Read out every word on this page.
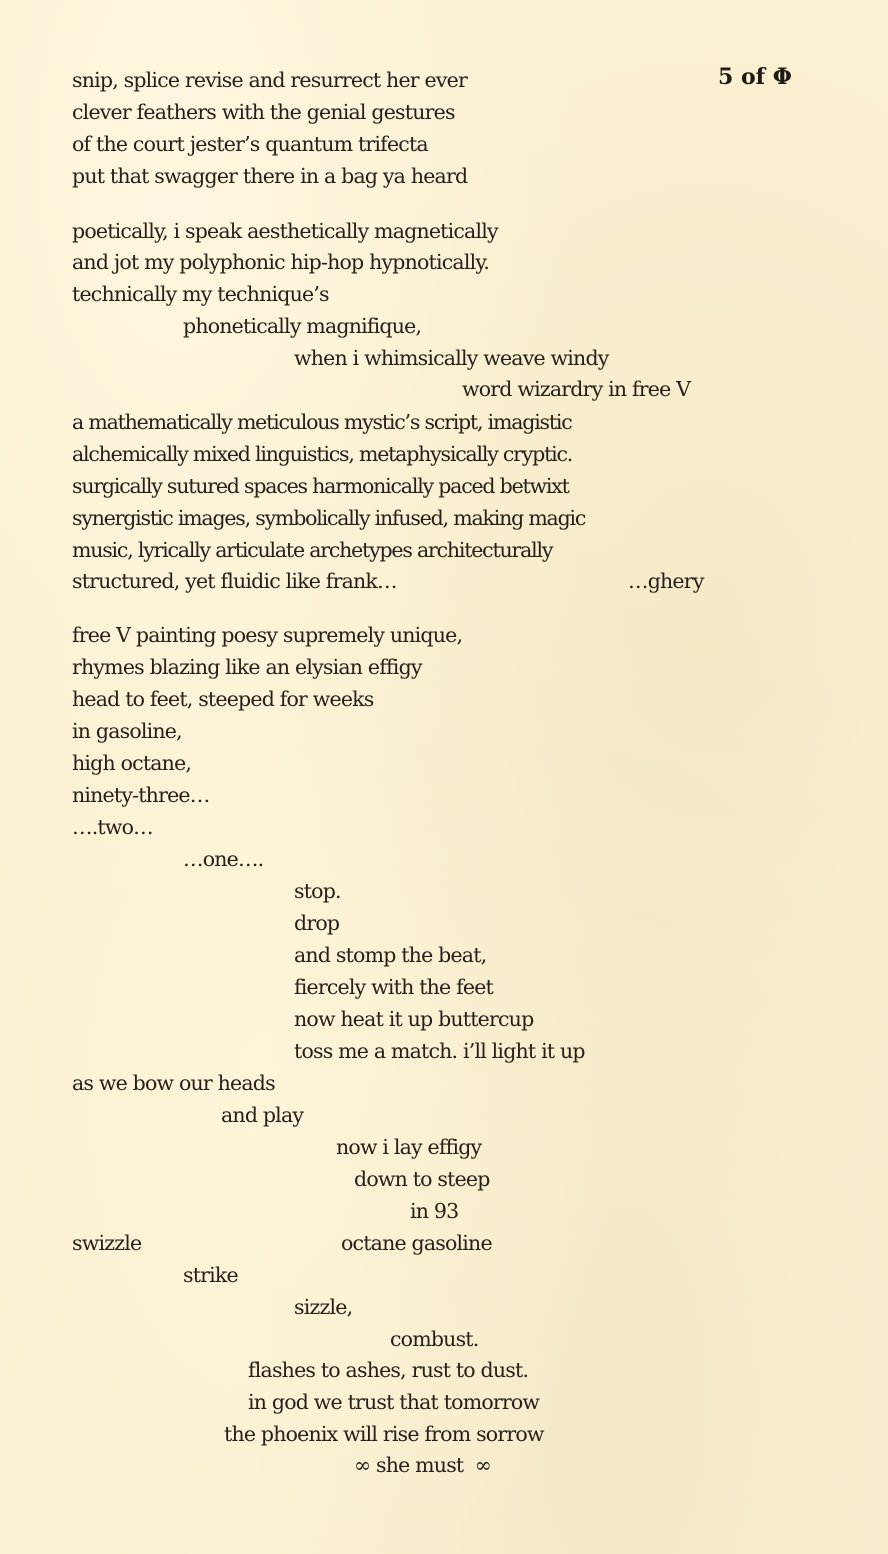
5 of Φ
snip, splice revise and resurrect her ever
clever feathers with the genial gestures
of the court jester’s quantum trifecta
put that swagger there in a bag ya heard
poetically, i speak aesthetically magnetically
and jot my polyphonic hip-hop hypnotically.
technically my technique’s
phonetically magnifique,
when i whimsically weave windy
word wizardry in free V
a mathematically meticulous mystic’s script, imagistic
alchemically mixed linguistics, metaphysically cryptic.
surgically sutured spaces harmonically paced betwixt
synergistic images, symbolically infused, making magic
music, lyrically articulate archetypes architecturally
structured, yet fluidic like frank…	…ghery
free V painting poesy supremely unique,
rhymes blazing like an elysian effigy
head to feet, steeped for weeks
in gasoline,
high octane,
ninety-three…
….two…
…one….
stop.
drop
and stomp the beat,
fiercely with the feet
now heat it up buttercup
toss me a match. i’ll light it up
as we bow our heads
and play
now i lay effigy
down to steep
in 93
swizzle	octane gasoline
strike
sizzle,
combust.
flashes to ashes, rust to dust.
in god we trust that tomorrow
the phoenix will rise from sorrow
∞ she must  ∞
